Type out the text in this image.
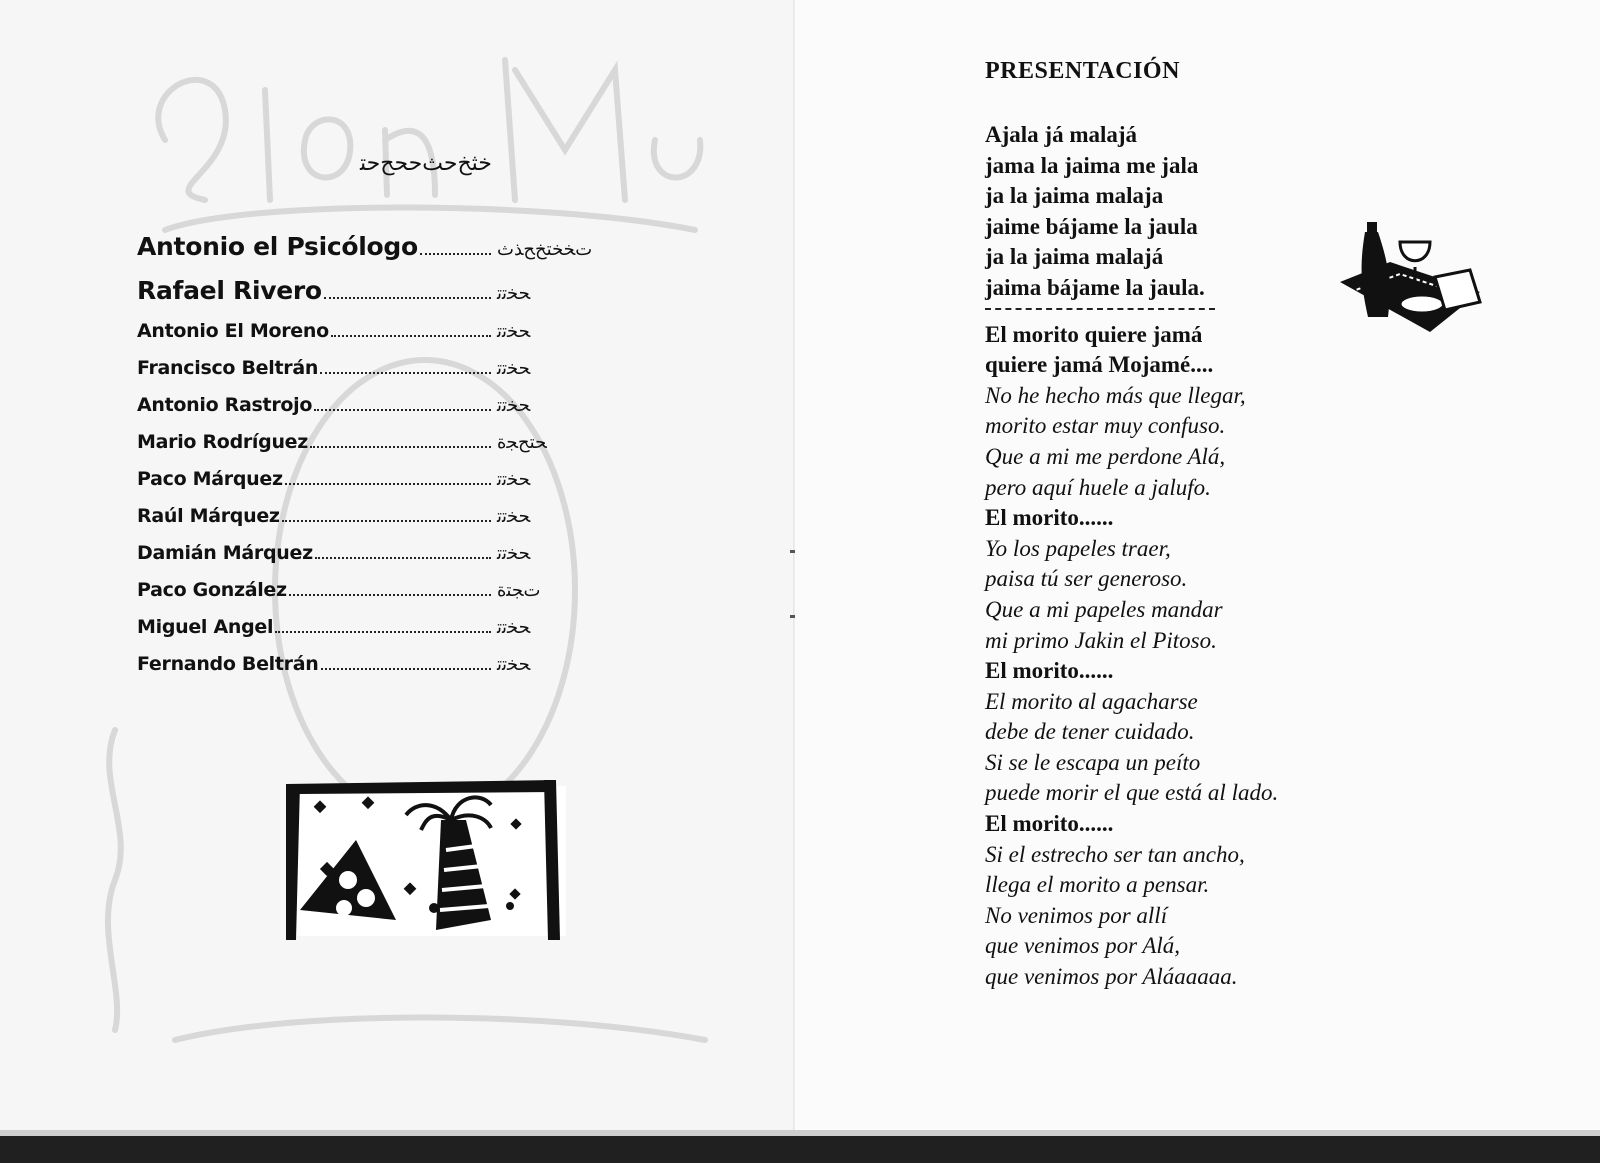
ﺧﺜﺦﺣﺚﺣﺤﺢﺣﺘ
Antonio el Psicólogo	ﺕﺨﺨﺘﺦﺢﺬﺙ
Rafael Rivero	ﺤﺨﺗﺗ
Antonio El Moreno	ﺤﺨﺗﺗ
Francisco Beltrán	ﺤﺨﺗﺗ
Antonio Rastrojo	ﺤﺨﺗﺗ
Mario Rodríguez	ﺤﺘﺢﺠﺓ
Paco Márquez	ﺤﺨﺗﺗ
Raúl Márquez	ﺤﺨﺗﺗ
Damián Márquez	ﺤﺨﺗﺗ
Paco González	ﺕﺠﺘﺓ
Miguel Angel	ﺤﺨﺗﺗ
Fernando Beltrán	ﺤﺨﺗﺗ
PRESENTACIÓN
Ajala já malajá
jama la jaima me jala
ja la jaima malaja
jaime bájame la jaula
ja la jaima malajá
jaima bájame la jaula.
El morito quiere jamá
quiere jamá Mojamé....
No he hecho más que llegar,
morito estar muy confuso.
Que a mi me perdone Alá,
pero aquí huele a jalufo.
El morito......
Yo los papeles traer,
paisa tú ser generoso.
Que a mi papeles mandar
mi primo Jakin el Pitoso.
El morito......
El morito al agacharse
debe de tener cuidado.
Si se le escapa un peíto
puede morir el que está al lado.
El morito......
Si el estrecho ser tan ancho,
llega el morito a pensar.
No venimos por allí
que venimos por Alá,
que venimos por Aláaaaaa.
